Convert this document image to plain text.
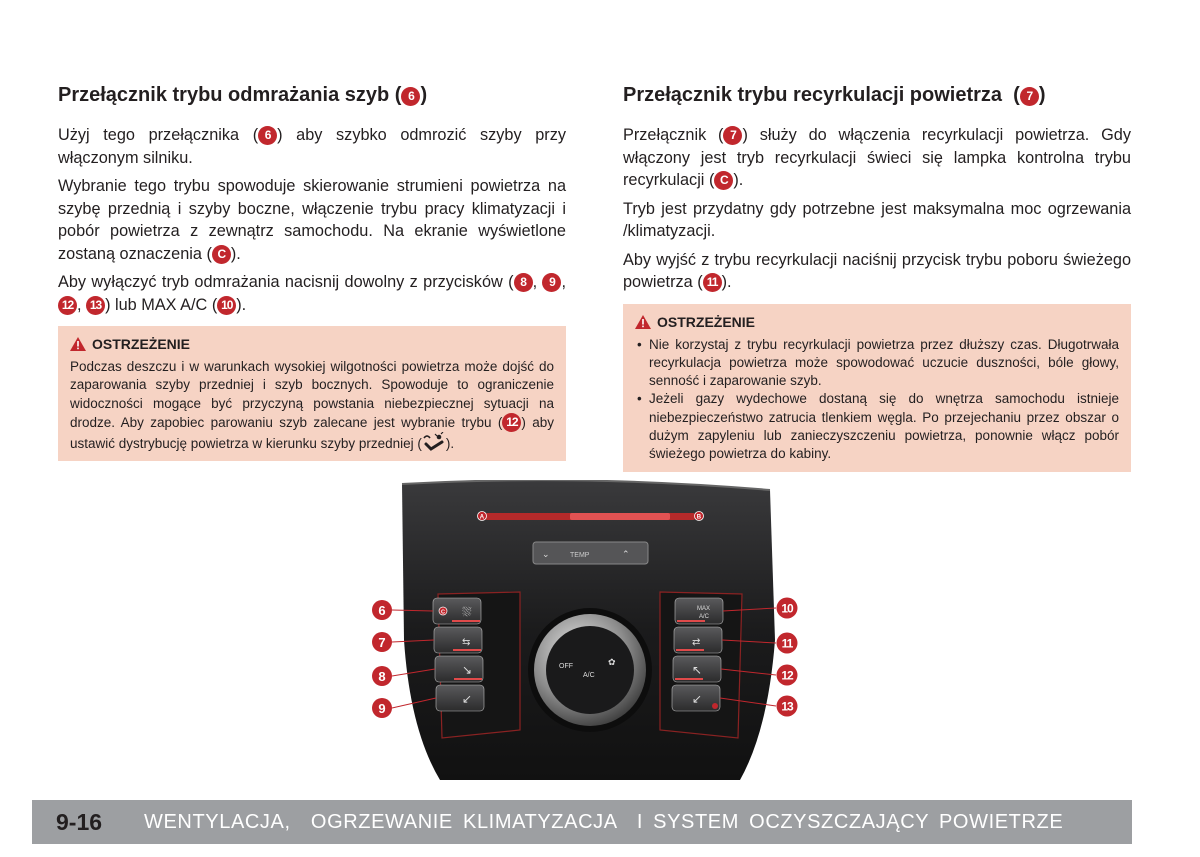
Przełącznik trybu odmrażania szyb ( 6 )

Użyj tego przełącznika ( 6 ) aby szybko odmrozić szyby przy włączonym silniku.

Wybranie tego trybu spowoduje skierowanie strumieni powietrza na szybę przednią i szyby boczne, włączenie trybu pracy klimatyzacji i pobór powietrza z zewnątrz samochodu. Na ekranie wyświetlone zostaną oznaczenia ( C ).

Aby wyłączyć tryb odmrażania nacisnij dowolny z przycisków ( 8 , 9 , 12 , 13 ) lub MAX A/C ( 10 ).

OSTRZEŻENIE

Podczas deszczu i w warunkach wysokiej wilgotności powietrza może dojść do zaparowania szyby przedniej i szyb bocznych. Spowoduje to ograniczenie widoczności mogące być przyczyną powstania niebezpiecznej sytuacji na drodze. Aby zapobiec parowaniu szyb zalecane jest wybranie trybu ( 12 ) aby ustawić dystrybucję powietrza w kierunku szyby przedniej ( ).

Przełącznik trybu recyrkulacji powietrza  ( 7 )

Przełącznik ( 7 ) służy do włączenia recyrkulacji powietrza. Gdy włączony jest tryb recyrkulacji świeci się lampka kontrolna trybu recyrkulacji ( C ).

Tryb jest przydatny gdy potrzebne jest maksymalna moc ogrzewania /klimatyzacji.

Aby wyjść z trybu recyrkulacji naciśnij przycisk trybu poboru świeżego powietrza ( 11 ).

OSTRZEŻENIE
• Nie korzystaj z trybu recyrkulacji powietrza przez dłuższy czas. Długotrwała recyrkulacja powietrza może spowodować uczucie duszności, bóle głowy, senność i zaparowanie szyb.
• Jeżeli gazy wydechowe dostaną się do wnętrza samochodu istnieje niebezpieczeństwo zatrucia tlenkiem węgla. Po przejechaniu przez obszar o dużym zapyleniu lub zanieczyszczeniu powietrza, ponownie włącz pobór świeżego powietrza do kabiny.
⌄	TEMP	⌃
A	B
C ⛆
⇆
↘
↙
MAX
A/C
⇄
↖
↙
OFF
A/C
✿
6
7
8
9
10
11
12
13
9-16	WENTYLACJA,  OGRZEWANIE KLIMATYZACJA  I SYSTEM OCZYSZCZAJĄCY POWIETRZE
